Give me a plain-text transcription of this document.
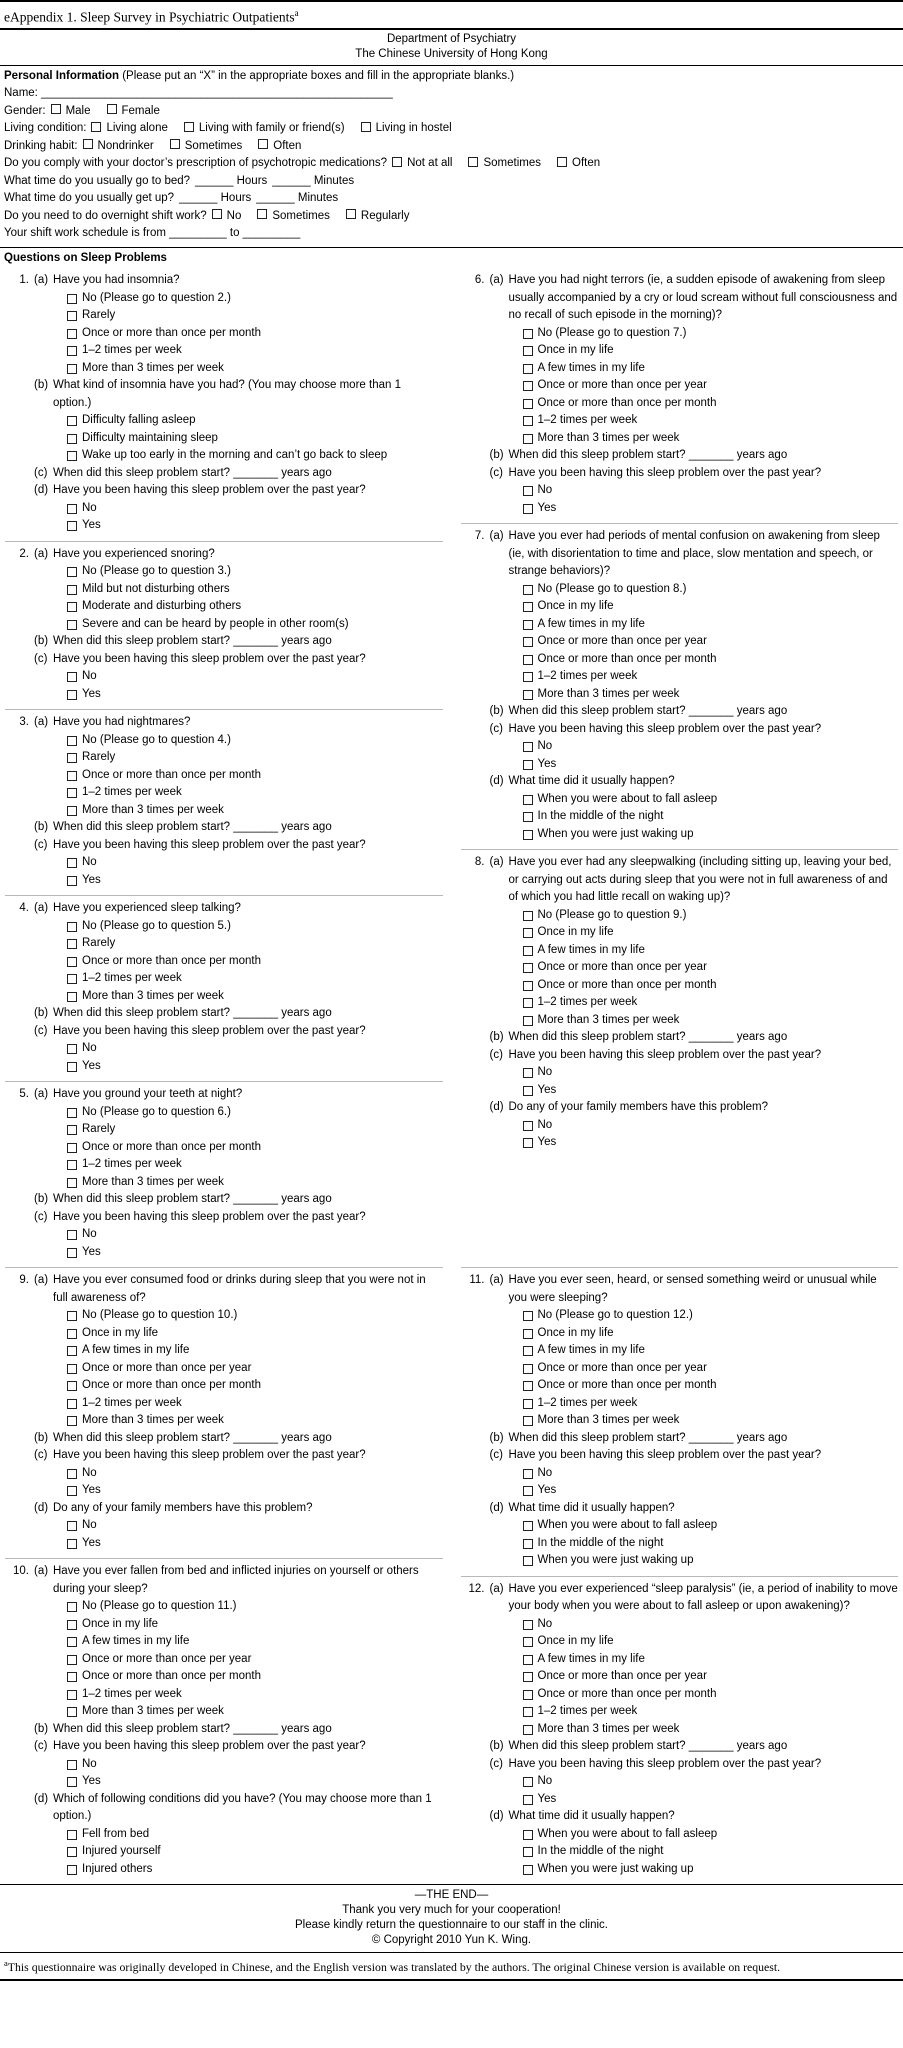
eAppendix 1. Sleep Survey in Psychiatric Outpatients$^a$
Department of Psychiatry
The Chinese University of Hong Kong
Personal Information (Please put an “X” in the appropriate boxes and fill in the appropriate blanks.)
Name: _______________________________________________________
Gender: Male	Female
Living condition: Living alone	Living with family or friend(s)	Living in hostel
Drinking habit: Nondrinker	Sometimes	Often
Do you comply with your doctor’s prescription of psychotropic medications? Not at all	Sometimes	Often
What time do you usually go to bed? ______ Hours ______ Minutes
What time do you usually get up? ______ Hours ______ Minutes
Do you need to do overnight shift work? No	Sometimes	Regularly
Your shift work schedule is from _________ to _________
Questions on Sleep Problems
1. (a) Have you had insomnia?
No (Please go to question 2.)
Rarely
Once or more than once per month
1–2 times per week
More than 3 times per week
(b) What kind of insomnia have you had? (You may choose more than 1 option.)
Difficulty falling asleep
Difficulty maintaining sleep
Wake up too early in the morning and can’t go back to sleep
(c) When did this sleep problem start? _______ years ago
(d) Have you been having this sleep problem over the past year?
No
Yes
2. (a) Have you experienced snoring?
No (Please go to question 3.)
Mild but not disturbing others
Moderate and disturbing others
Severe and can be heard by people in other room(s)
(b) When did this sleep problem start? _______ years ago
(c) Have you been having this sleep problem over the past year?
No
Yes
3. (a) Have you had nightmares?
No (Please go to question 4.)
Rarely
Once or more than once per month
1–2 times per week
More than 3 times per week
(b) When did this sleep problem start? _______ years ago
(c) Have you been having this sleep problem over the past year?
No
Yes
4. (a) Have you experienced sleep talking?
No (Please go to question 5.)
Rarely
Once or more than once per month
1–2 times per week
More than 3 times per week
(b) When did this sleep problem start? _______ years ago
(c) Have you been having this sleep problem over the past year?
No
Yes
5. (a) Have you ground your teeth at night?
No (Please go to question 6.)
Rarely
Once or more than once per month
1–2 times per week
More than 3 times per week
(b) When did this sleep problem start? _______ years ago
(c) Have you been having this sleep problem over the past year?
No
Yes
6. (a) Have you had night terrors (ie, a sudden episode of awakening from sleep usually accompanied by a cry or loud scream without full consciousness and no recall of such episode in the morning)?
No (Please go to question 7.)
Once in my life
A few times in my life
Once or more than once per year
Once or more than once per month
1–2 times per week
More than 3 times per week
(b) When did this sleep problem start? _______ years ago
(c) Have you been having this sleep problem over the past year?
No
Yes
7. (a) Have you ever had periods of mental confusion on awakening from sleep (ie, with disorientation to time and place, slow mentation and speech, or strange behaviors)?
No (Please go to question 8.)
Once in my life
A few times in my life
Once or more than once per year
Once or more than once per month
1–2 times per week
More than 3 times per week
(b) When did this sleep problem start? _______ years ago
(c) Have you been having this sleep problem over the past year?
No
Yes
(d) What time did it usually happen?
When you were about to fall asleep
In the middle of the night
When you were just waking up
8. (a) Have you ever had any sleepwalking (including sitting up, leaving your bed, or carrying out acts during sleep that you were not in full awareness of and of which you had little recall on waking up)?
No (Please go to question 9.)
Once in my life
A few times in my life
Once or more than once per year
Once or more than once per month
1–2 times per week
More than 3 times per week
(b) When did this sleep problem start? _______ years ago
(c) Have you been having this sleep problem over the past year?
No
Yes
(d) Do any of your family members have this problem?
No
Yes
9. (a) Have you ever consumed food or drinks during sleep that you were not in full awareness of?
No (Please go to question 10.)
Once in my life
A few times in my life
Once or more than once per year
Once or more than once per month
1–2 times per week
More than 3 times per week
(b) When did this sleep problem start? _______ years ago
(c) Have you been having this sleep problem over the past year?
No
Yes
(d) Do any of your family members have this problem?
No
Yes
10. (a) Have you ever fallen from bed and inflicted injuries on yourself or others during your sleep?
No (Please go to question 11.)
Once in my life
A few times in my life
Once or more than once per year
Once or more than once per month
1–2 times per week
More than 3 times per week
(b) When did this sleep problem start? _______ years ago
(c) Have you been having this sleep problem over the past year?
No
Yes
(d) Which of following conditions did you have? (You may choose more than 1 option.)
Fell from bed
Injured yourself
Injured others
11. (a) Have you ever seen, heard, or sensed something weird or unusual while you were sleeping?
No (Please go to question 12.)
Once in my life
A few times in my life
Once or more than once per year
Once or more than once per month
1–2 times per week
More than 3 times per week
(b) When did this sleep problem start? _______ years ago
(c) Have you been having this sleep problem over the past year?
No
Yes
(d) What time did it usually happen?
When you were about to fall asleep
In the middle of the night
When you were just waking up
12. (a) Have you ever experienced “sleep paralysis” (ie, a period of inability to move your body when you were about to fall asleep or upon awakening)?
No
Once in my life
A few times in my life
Once or more than once per year
Once or more than once per month
1–2 times per week
More than 3 times per week
(b) When did this sleep problem start? _______ years ago
(c) Have you been having this sleep problem over the past year?
No
Yes
(d) What time did it usually happen?
When you were about to fall asleep
In the middle of the night
When you were just waking up
—THE END—
Thank you very much for your cooperation!
Please kindly return the questionnaire to our staff in the clinic.
© Copyright 2010 Yun K. Wing.
$^a$This questionnaire was originally developed in Chinese, and the English version was translated by the authors. The original Chinese version is available on request.
